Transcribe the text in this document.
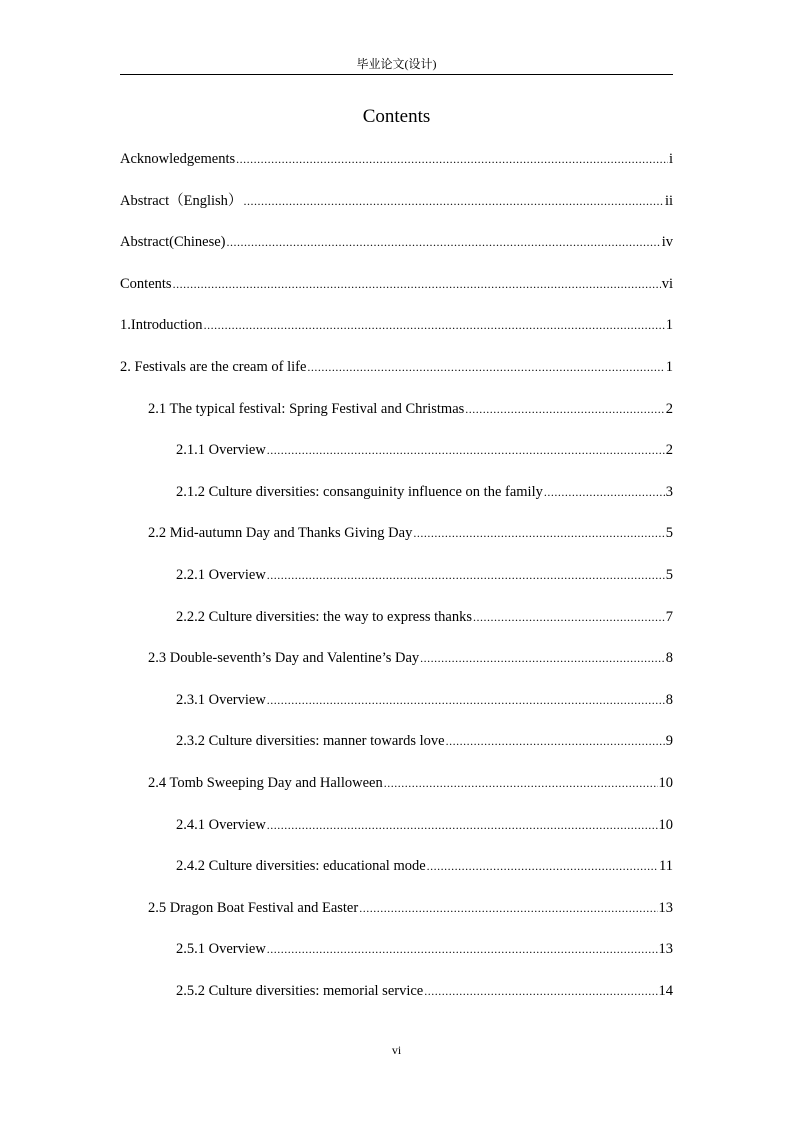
毕业论文(设计)
Contents
Acknowledgements .....	i
Abstract（English） .....	ii
Abstract(Chinese) .....	iv
Contents .....	vi
1.Introduction .....	1
2. Festivals are the cream of life .....	1
2.1 The typical festival: Spring Festival and Christmas .....	2
2.1.1 Overview .....	2
2.1.2 Culture diversities: consanguinity influence on the family .....	3
2.2 Mid-autumn Day and Thanks Giving Day .....	5
2.2.1 Overview .....	5
2.2.2 Culture diversities: the way to express thanks .....	7
2.3 Double-seventh’s Day and Valentine’s Day .....	8
2.3.1 Overview .....	8
2.3.2 Culture diversities: manner towards love .....	9
2.4 Tomb Sweeping Day and Halloween .....	10
2.4.1 Overview .....	10
2.4.2 Culture diversities: educational mode .....	11
2.5 Dragon Boat Festival and Easter .....	13
2.5.1 Overview .....	13
2.5.2 Culture diversities: memorial service .....	14
vi
